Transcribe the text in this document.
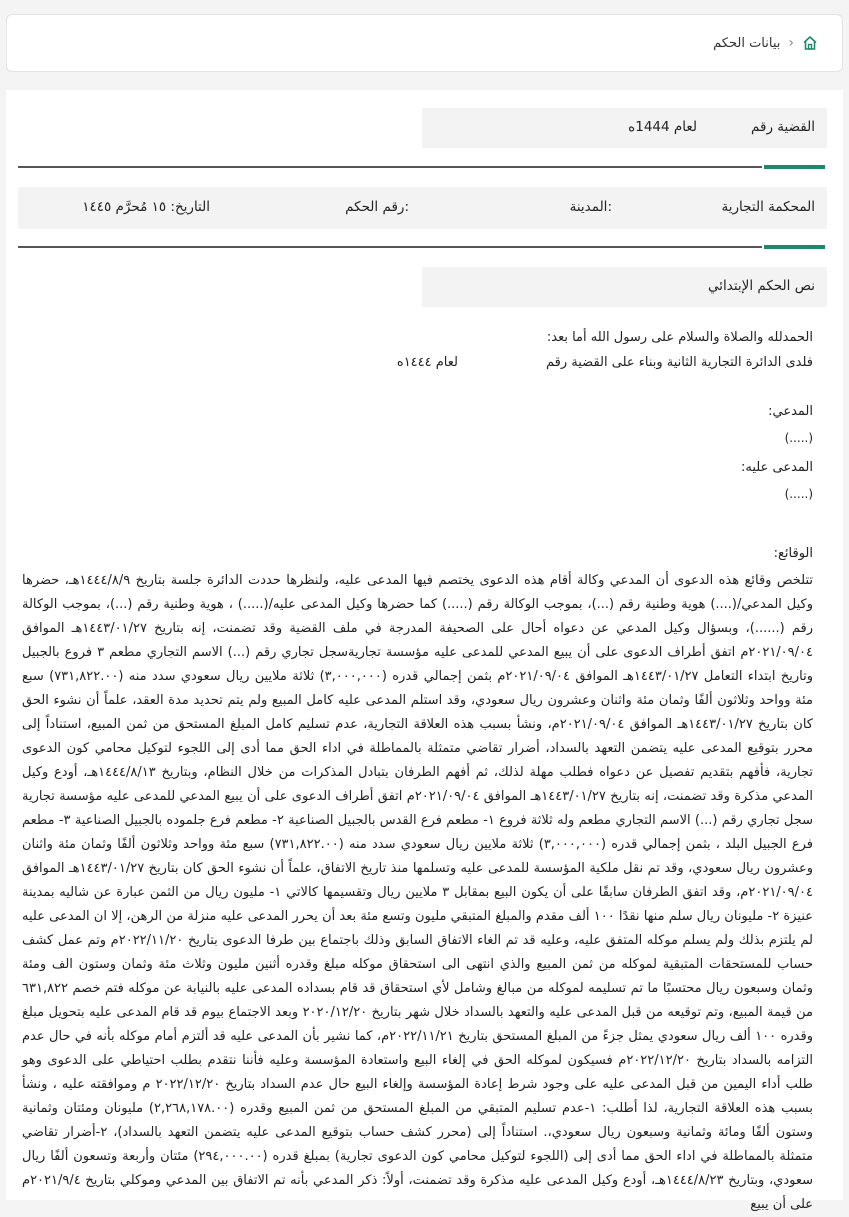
›
بيانات الحكم
القضية رقم
لعام 1444ه
المحكمة التجارية
المدينة:
رقم الحكم:
التاريخ: ١٥ مُحرَّم ١٤٤٥
نص الحكم الإبتدائي
الحمدلله والصلاة والسلام على رسول الله أما بعد:
فلدى الدائرة التجارية الثانية وبناء على القضية رقم
لعام ١٤٤٤ه
المدعي:
(.....)
المدعى عليه:
(.....)
الوقائع:

تتلخص وقائع هذه الدعوى أن المدعي وكالة أقام هذه الدعوى يختصم فيها المدعى عليه، ولنظرها حددت الدائرة جلسة بتاريخ ١٤٤٤/٨/٩هـ، حضرها وكيل المدعي/(....) هوية وطنية رقم (...)، بموجب الوكالة رقم (.....) كما حضرها وكيل المدعى عليه/(.....) ، هوية وطنية رقم (...)، بموجب الوكالة رقم (......)، وبسؤال وكيل المدعي عن دعواه أحال على الصحيفة المدرجة في ملف القضية وقد تضمنت، إنه بتاريخ ١٤٤٣/٠١/٢٧هـ الموافق ٢٠٢١/٠٩/٠٤م اتفق أطراف الدعوى على أن يبيع المدعي للمدعى عليه مؤسسة تجاريةسجل تجاري رقم (...) الاسم التجاري مطعم ٣ فروع بالجبيل وتاريخ ابتداء التعامل ١٤٤٣/٠١/٢٧هـ الموافق ٢٠٢١/٠٩/٠٤م بثمن إجمالي قدره (٣,٠٠٠,٠٠٠) ثلاثة ملايين ريال سعودي سدد منه (٧٣١,٨٢٢.٠٠) سبع مئة وواحد وثلاثون ألفًا وثمان مئة واثنان وعشرون ريال سعودي، وقد استلم المدعى عليه كامل المبيع ولم يتم تحديد مدة العقد، علماً أن نشوء الحق كان بتاريخ ١٤٤٣/٠١/٢٧هـ الموافق ٢٠٢١/٠٩/٠٤م، ونشأ بسبب هذه العلاقة التجارية، عدم تسليم كامل المبلغ المستحق من ثمن المبيع، استناداً إلى محرر بتوقيع المدعى عليه يتضمن التعهد بالسداد، أضرار تقاضي متمثلة بالمماطلة في اداء الحق مما أدى إلى اللجوء لتوكيل محامي كون الدعوى تجارية، فأفهم بتقديم تفصيل عن دعواه فطلب مهلة لذلك، ثم أفهم الطرفان بتبادل المذكرات من خلال النظام، وبتاريخ ١٤٤٤/٨/١٣هـ، أودع وكيل المدعي مذكرة وقد تضمنت، إنه بتاريخ ١٤٤٣/٠١/٢٧هـ الموافق ٢٠٢١/٠٩/٠٤م اتفق أطراف الدعوى على أن يبيع المدعي للمدعى عليه مؤسسة تجارية سجل تجاري رقم (...) الاسم التجاري مطعم وله ثلاثة فروع ١- مطعم فرع القدس بالجبيل الصناعية ٢- مطعم فرع جلموده بالجبيل الصناعية ٣- مطعم فرع الجبيل البلد ، بثمن إجمالي قدره (٣,٠٠٠,٠٠٠) ثلاثة ملايين ريال سعودي سدد منه (٧٣١,٨٢٢.٠٠) سبع مئة وواحد وثلاثون ألفًا وثمان مئة واثنان وعشرون ريال سعودي، وقد تم نقل ملكية المؤسسة للمدعى عليه وتسلمها منذ تاريخ الاتفاق، علماً أن نشوء الحق كان بتاريخ ١٤٤٣/٠١/٢٧هـ الموافق ٢٠٢١/٠٩/٠٤م، وقد اتفق الطرفان سابقًا على أن يكون البيع بمقابل ٣ ملايين ريال وتقسيمها كالاتي ١- مليون ريال من الثمن عبارة عن شاليه بمدينة عنيزة ٢- مليونان ريال سلم منها نقدًا ١٠٠ ألف مقدم والمبلغ المتبقي مليون وتسع مئة بعد أن يحرر المدعى عليه منزلة من الرهن، إلا ان المدعى عليه لم يلتزم بذلك ولم يسلم موكله المتفق عليه، وعليه قد تم الغاء الاتفاق السابق وذلك باجتماع بين طرفا الدعوى بتاريخ ٢٠٢٢/١١/٢٠م وتم عمل كشف حساب للمستحقات المتبقية لموكله من ثمن المبيع والذي انتهى الى استحقاق موكله مبلغ وقدره أثنين مليون وثلاث مئة وثمان وستون الف ومئة وثمان وسبعون ريال محتسبًا ما تم تسليمه لموكله من مبالغ وشامل لأي استحقاق قد قام بسداده المدعى عليه بالنيابة عن موكله فتم خصم ٦٣١,٨٢٢ من قيمة المبيع، وتم توقيعه من قبل المدعى عليه والتعهد بالسداد خلال شهر بتاريخ ٢٠٢٠/١٢/٢٠ وبعد الاجتماع بيوم قد قام المدعى عليه بتحويل مبلغ وقدره ١٠٠ ألف ريال سعودي يمثل جزءً من المبلغ المستحق بتاريخ ٢٠٢٢/١١/٢١م، كما نشير بأن المدعى عليه قد ألتزم أمام موكله بأنه في حال عدم التزامه بالسداد بتاريخ ٢٠٢٢/١٢/٢٠م فسيكون لموكله الحق في إلغاء البيع واستعادة المؤسسة وعليه فأننا نتقدم بطلب احتياطي على الدعوى وهو طلب أداء اليمين من قبل المدعى عليه على وجود شرط إعادة المؤسسة وإلغاء البيع حال عدم السداد بتاريخ ٢٠٢٢/١٢/٢٠ م وموافقته عليه ، ونشأ بسبب هذه العلاقة التجارية، لذا أطلب: ١-عدم تسليم المتبقي من المبلغ المستحق من ثمن المبيع وقدره (٢,٢٦٨,١٧٨.٠٠) مليونان ومئتان وثمانية وستون ألفًا ومائة وثمانية وسبعون ريال سعودي،. استناداً إلى (محرر كشف حساب بتوقيع المدعى عليه يتضمن التعهد بالسداد)، ٢-أضرار تقاضي متمثلة بالمماطلة في اداء الحق مما أدى إلى (اللجوء لتوكيل محامي كون الدعوى تجارية) بمبلغ قدره (٢٩٤,٠٠٠.٠٠) مئتان وأربعة وتسعون ألفًا ريال سعودي، وبتاريخ ١٤٤٤/٨/٢٣هـ، أودع وكيل المدعى عليه مذكرة وقد تضمنت، أولاً: ذكر المدعي بأنه تم الاتفاق بين المدعي وموكلي بتاريخ ٢٠٢١/٩/٤م على أن يبيع
